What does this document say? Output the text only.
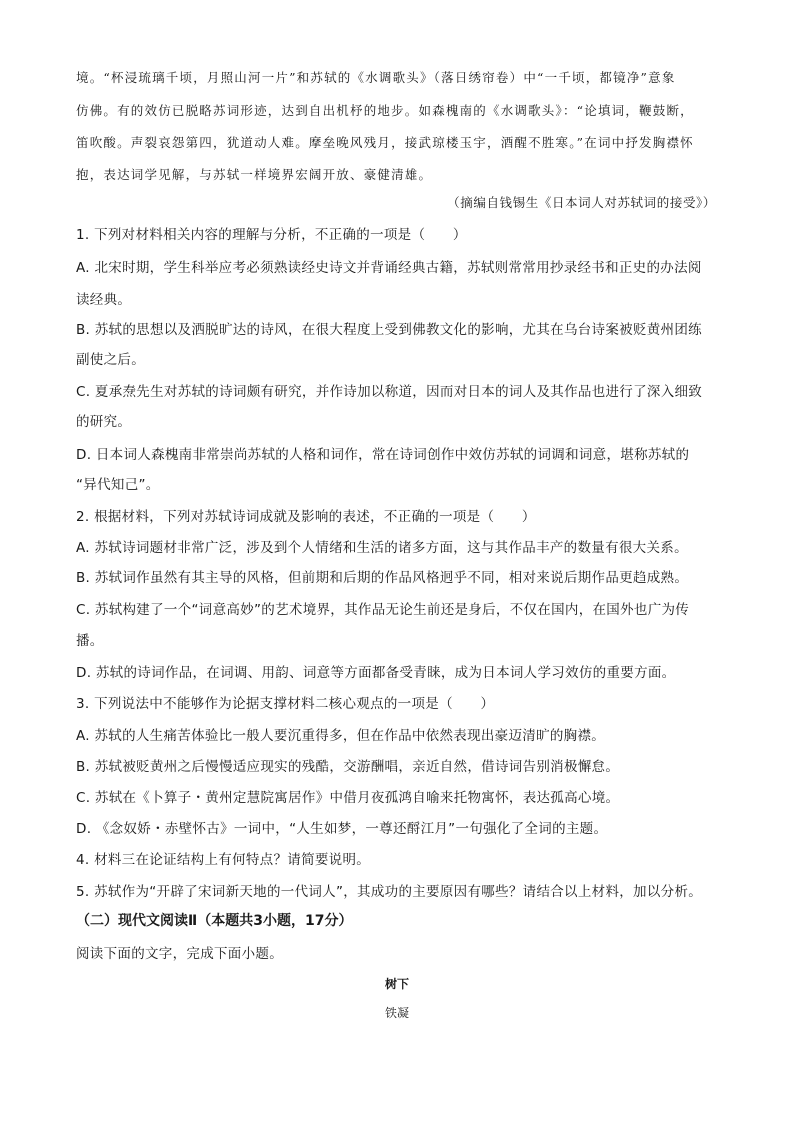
境。“杯浸琉璃千顷，月照山河一片”和苏轼的《水调歌头》（落日绣帘卷）中“一千顷，都镜净”意象
仿佛。有的效仿已脱略苏词形迹，达到自出机杼的地步。如森槐南的《水调歌头》：“论填词，鞭鼓断，
笛吹酸。声裂哀怨第四，犹道动人难。摩垒晚风残月，接武琼楼玉宇，酒醒不胜寒。”在词中抒发胸襟怀
抱，表达词学见解，与苏轼一样境界宏阔开放、豪健清雄。
（摘编自钱锡生《日本词人对苏轼词的接受》）
1. 下列对材料相关内容的理解与分析，不正确的一项是（　　）
A. 北宋时期，学生科举应考必须熟读经史诗文并背诵经典古籍，苏轼则常常用抄录经书和正史的办法阅
读经典。
B. 苏轼的思想以及洒脱旷达的诗风，在很大程度上受到佛教文化的影响，尤其在乌台诗案被贬黄州团练
副使之后。
C. 夏承焘先生对苏轼的诗词颇有研究，并作诗加以称道，因而对日本的词人及其作品也进行了深入细致
的研究。
D. 日本词人森槐南非常崇尚苏轼的人格和词作，常在诗词创作中效仿苏轼的词调和词意，堪称苏轼的
“异代知己”。
2. 根据材料，下列对苏轼诗词成就及影响的表述，不正确的一项是（　　）
A. 苏轼诗词题材非常广泛，涉及到个人情绪和生活的诸多方面，这与其作品丰产的数量有很大关系。
B. 苏轼词作虽然有其主导的风格，但前期和后期的作品风格迥乎不同，相对来说后期作品更趋成熟。
C. 苏轼构建了一个“词意高妙”的艺术境界，其作品无论生前还是身后，不仅在国内，在国外也广为传
播。
D. 苏轼的诗词作品，在词调、用韵、词意等方面都备受青睐，成为日本词人学习效仿的重要方面。
3. 下列说法中不能够作为论据支撑材料二核心观点的一项是（　　）
A. 苏轼的人生痛苦体验比一般人要沉重得多，但在作品中依然表现出豪迈清旷的胸襟。
B. 苏轼被贬黄州之后慢慢适应现实的残酷，交游酬唱，亲近自然，借诗词告别消极懈怠。
C. 苏轼在《卜算子・黄州定慧院寓居作》中借月夜孤鸿自喻来托物寓怀，表达孤高心境。
D. 《念奴娇・赤壁怀古》一词中，“人生如梦，一尊还酹江月”一句强化了全词的主题。
4. 材料三在论证结构上有何特点？请简要说明。
5. 苏轼作为“开辟了宋词新天地的一代词人”，其成功的主要原因有哪些？请结合以上材料，加以分析。
（二）现代文阅读Ⅱ（本题共3小题，17分）
阅读下面的文字，完成下面小题。
树下
铁凝
